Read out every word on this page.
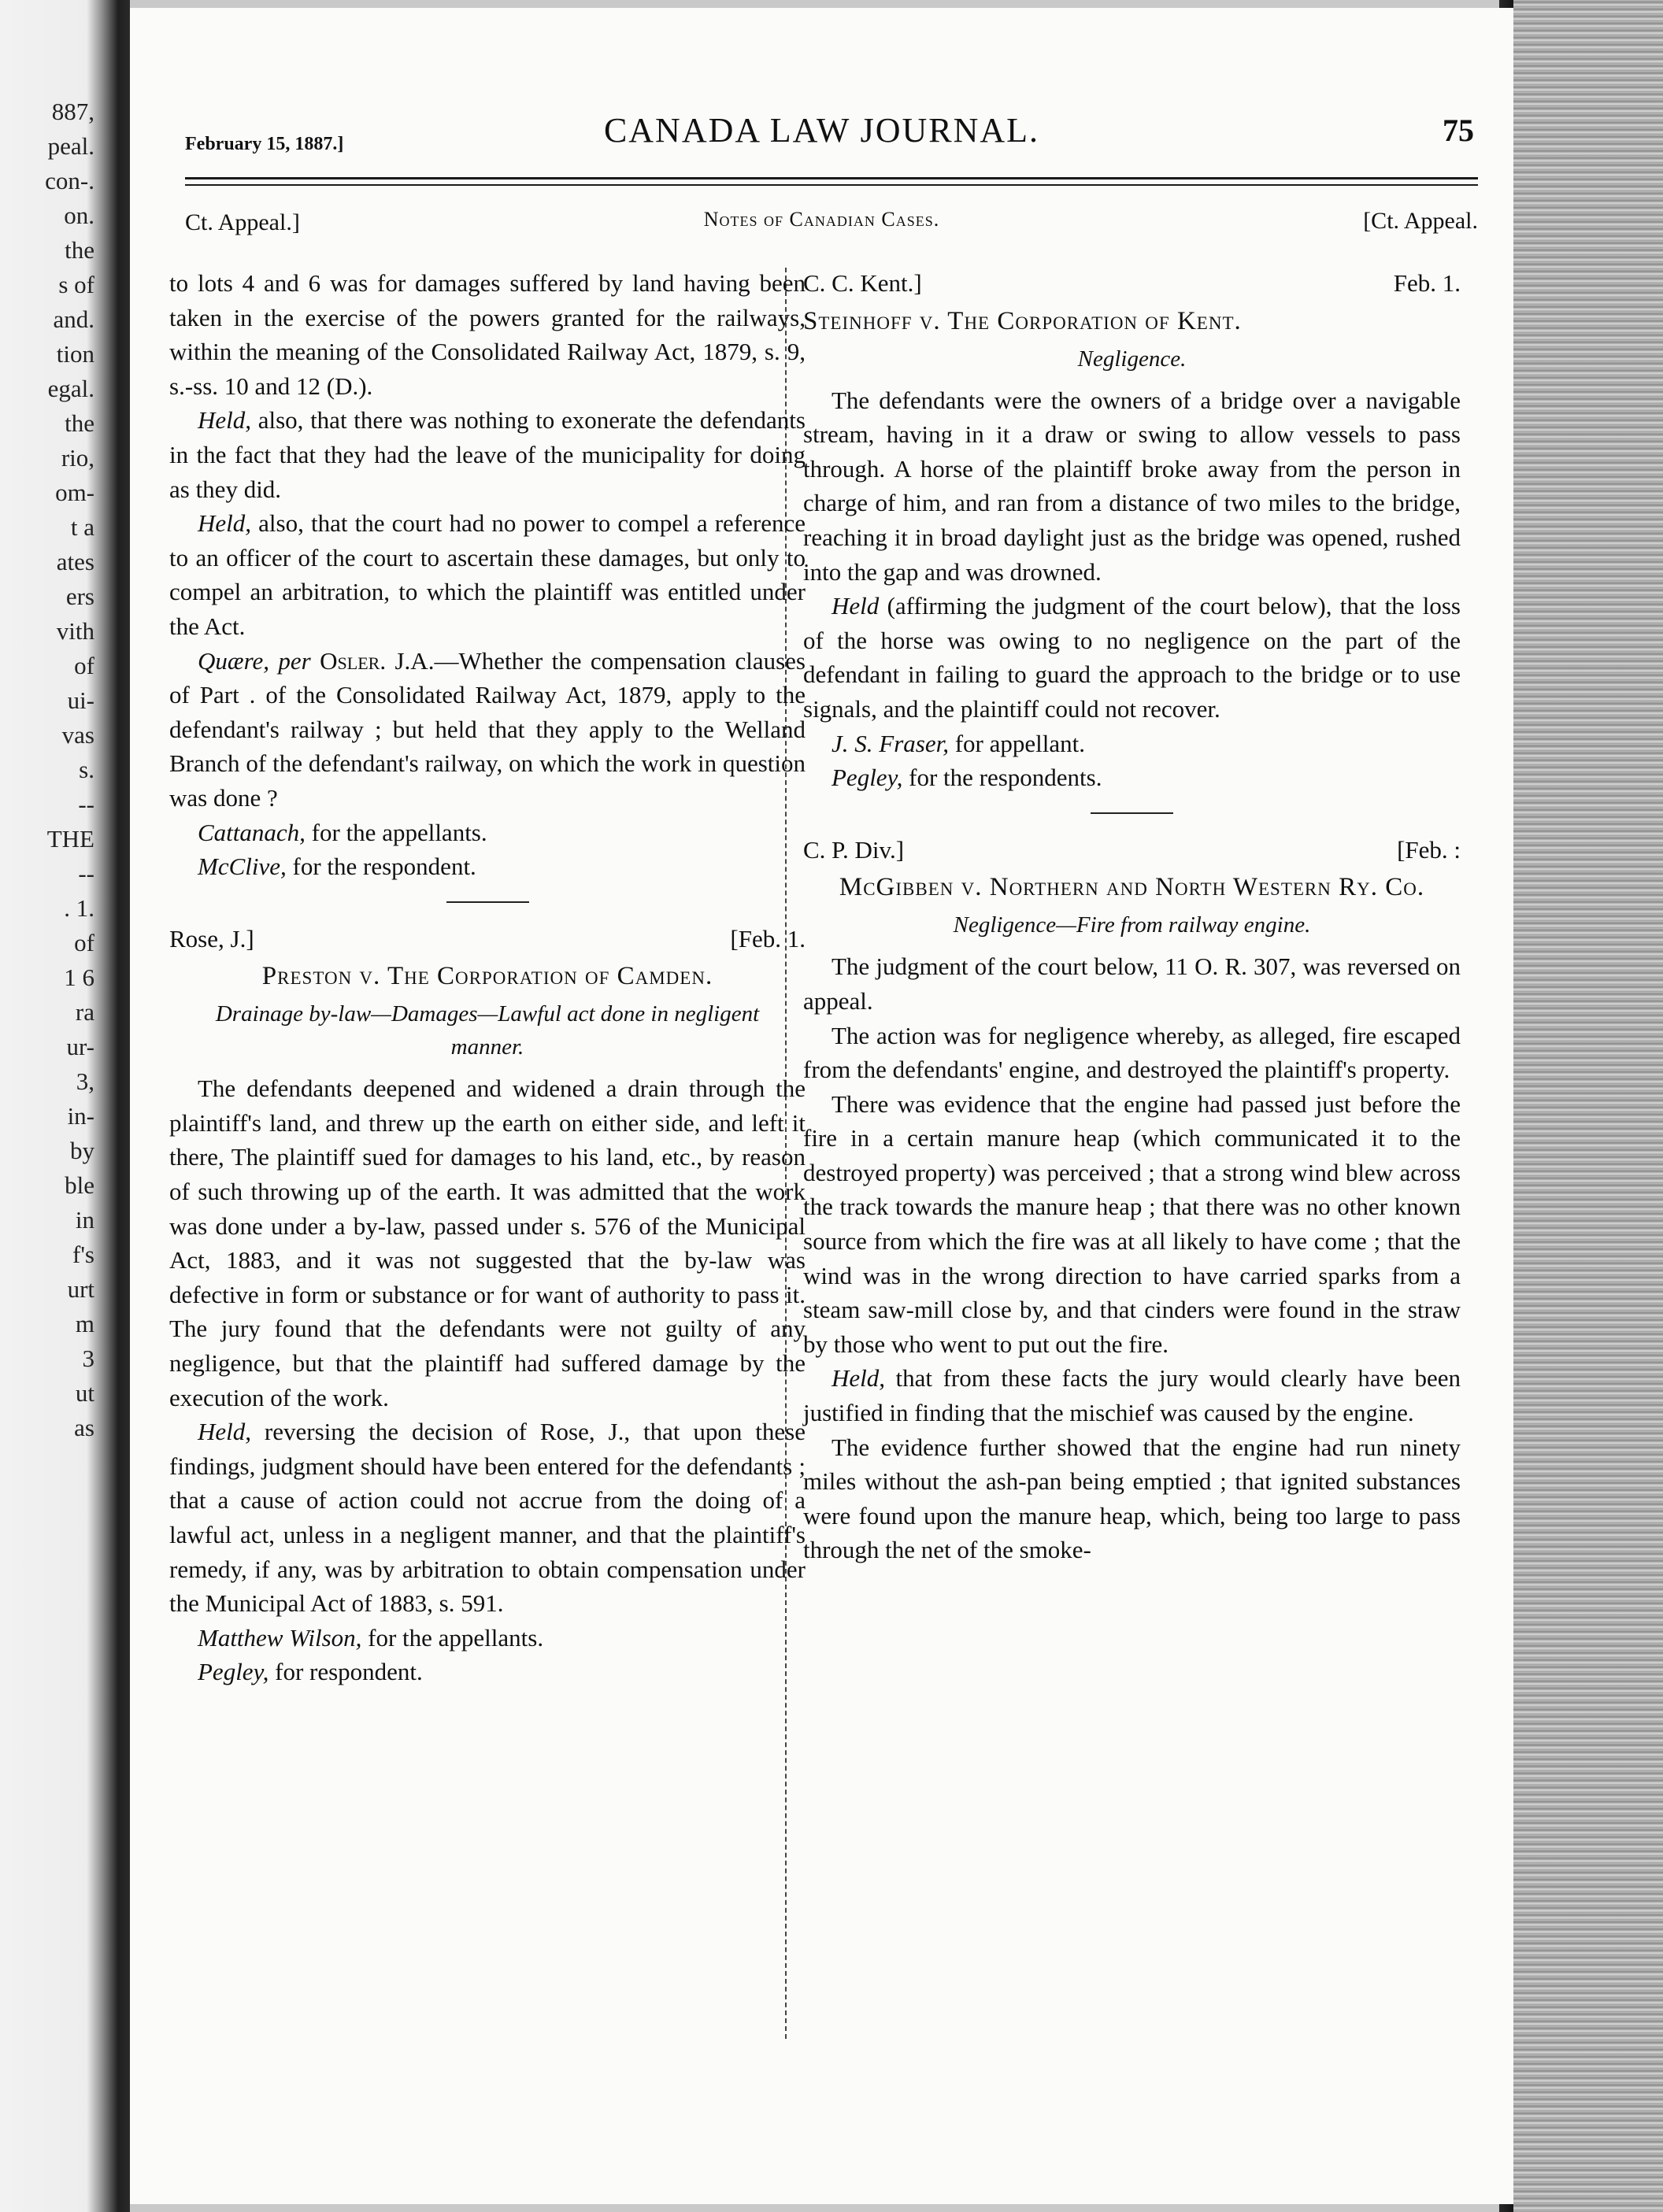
887,
peal.
con-.
on.
the
s of
and.
tion
egal.
the
rio,
om-
t a
ates
ers
vith
of
ui-
vas
s.
--
THE
--
. 1.
of
1 6
ra
ur-
3,
in-
by
ble
in
f's
urt
m
3
ut
as
February 15, 1887.]	CANADA LAW JOURNAL.	75
Ct. Appeal.]	Notes of Canadian Cases.	[Ct. Appeal.

to lots 4 and 6 was for damages suffered by land having been taken in the exercise of the powers granted for the railways, within the meaning of the Consolidated Railway Act, 1879, s. 9, s.-ss. 10 and 12 (D.).

Held, also, that there was nothing to exonerate the defendants in the fact that they had the leave of the municipality for doing as they did.

Held, also, that the court had no power to compel a reference to an officer of the court to ascertain these damages, but only to compel an arbitration, to which the plaintiff was entitled under the Act.

Quære, per Osler. J.A.—Whether the compensation clauses of Part . of the Consolidated Railway Act, 1879, apply to the defendant's railway ; but held that they apply to the Welland Branch of the defendant's railway, on which the work in question was done ?

Cattanach, for the appellants.

McClive, for the respondent.

Rose, J.]	[Feb. 1.
Preston v. The Corporation of Camden.
Drainage by-law—Damages—Lawful act done in negligent manner.

The defendants deepened and widened a drain through the plaintiff's land, and threw up the earth on either side, and left it there, The plaintiff sued for damages to his land, etc., by reason of such throwing up of the earth. It was admitted that the work was done under a by-law, passed under s. 576 of the Municipal Act, 1883, and it was not suggested that the by-law was defective in form or substance or for want of authority to pass it. The jury found that the defendants were not guilty of any negligence, but that the plaintiff had suffered damage by the execution of the work.

Held, reversing the decision of Rose, J., that upon these findings, judgment should have been entered for the defendants ; that a cause of action could not accrue from the doing of a lawful act, unless in a negligent manner, and that the plaintiff's remedy, if any, was by arbitration to obtain compensation under the Municipal Act of 1883, s. 591.

Matthew Wilson, for the appellants.

Pegley, for respondent.

C. C. Kent.]	Feb. 1.
Steinhoff v. The Corporation of Kent.
Negligence.

The defendants were the owners of a bridge over a navigable stream, having in it a draw or swing to allow vessels to pass through. A horse of the plaintiff broke away from the person in charge of him, and ran from a distance of two miles to the bridge, reaching it in broad daylight just as the bridge was opened, rushed into the gap and was drowned.

Held (affirming the judgment of the court below), that the loss of the horse was owing to no negligence on the part of the defendant in failing to guard the approach to the bridge or to use signals, and the plaintiff could not recover.

J. S. Fraser, for appellant.

Pegley, for the respondents.

C. P. Div.]	[Feb. :
McGibben v. Northern and North Western Ry. Co.
Negligence—Fire from railway engine.

The judgment of the court below, 11 O. R. 307, was reversed on appeal.

The action was for negligence whereby, as alleged, fire escaped from the defendants' engine, and destroyed the plaintiff's property.

There was evidence that the engine had passed just before the fire in a certain manure heap (which communicated it to the destroyed property) was perceived ; that a strong wind blew across the track towards the manure heap ; that there was no other known source from which the fire was at all likely to have come ; that the wind was in the wrong direction to have carried sparks from a steam saw-mill close by, and that cinders were found in the straw by those who went to put out the fire.

Held, that from these facts the jury would clearly have been justified in finding that the mischief was caused by the engine.

The evidence further showed that the engine had run ninety miles without the ash-pan being emptied ; that ignited substances were found upon the manure heap, which, being too large to pass through the net of the smoke-
